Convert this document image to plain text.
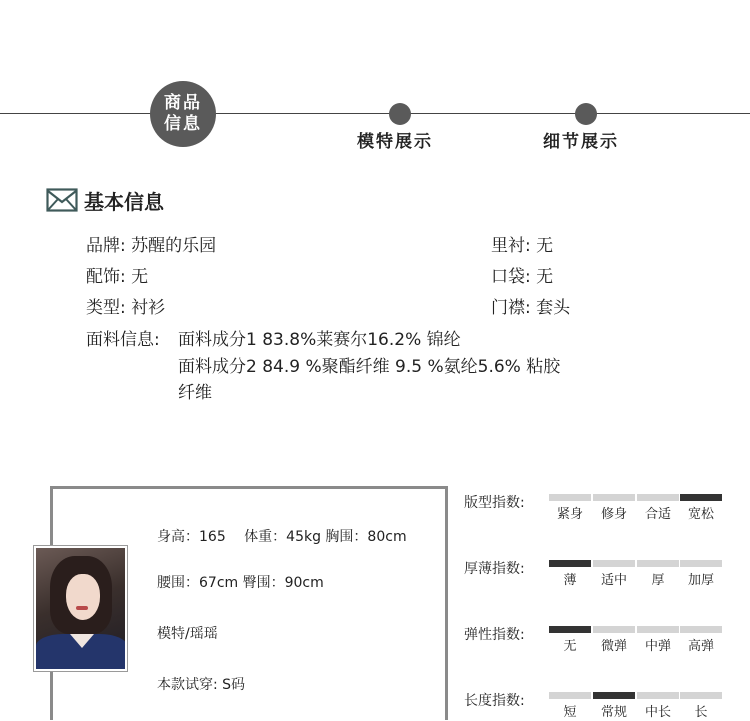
商品
信息
模特展示	细节展示
基本信息
品牌: 苏醒的乐园	里衬: 无
配饰: 无	口袋: 无
类型: 衬衫	门襟: 套头
面料信息: 面料成分1 83.8%莱赛尔16.2% 锦纶
面料成分2 84.9 %聚酯纤维 9.5 %氨纶5.6% 粘胶
纤维
身高：165　 体重：45kg 胸围：80cm
腰围：67cm 臀围：90cm
模特/瑶瑶
本款试穿: S码
版型指数:
紧身	修身	合适	宽松
厚薄指数:
薄	适中	厚	加厚
弹性指数:
无	微弹	中弹	高弹
长度指数:
短	常规	中长	长
